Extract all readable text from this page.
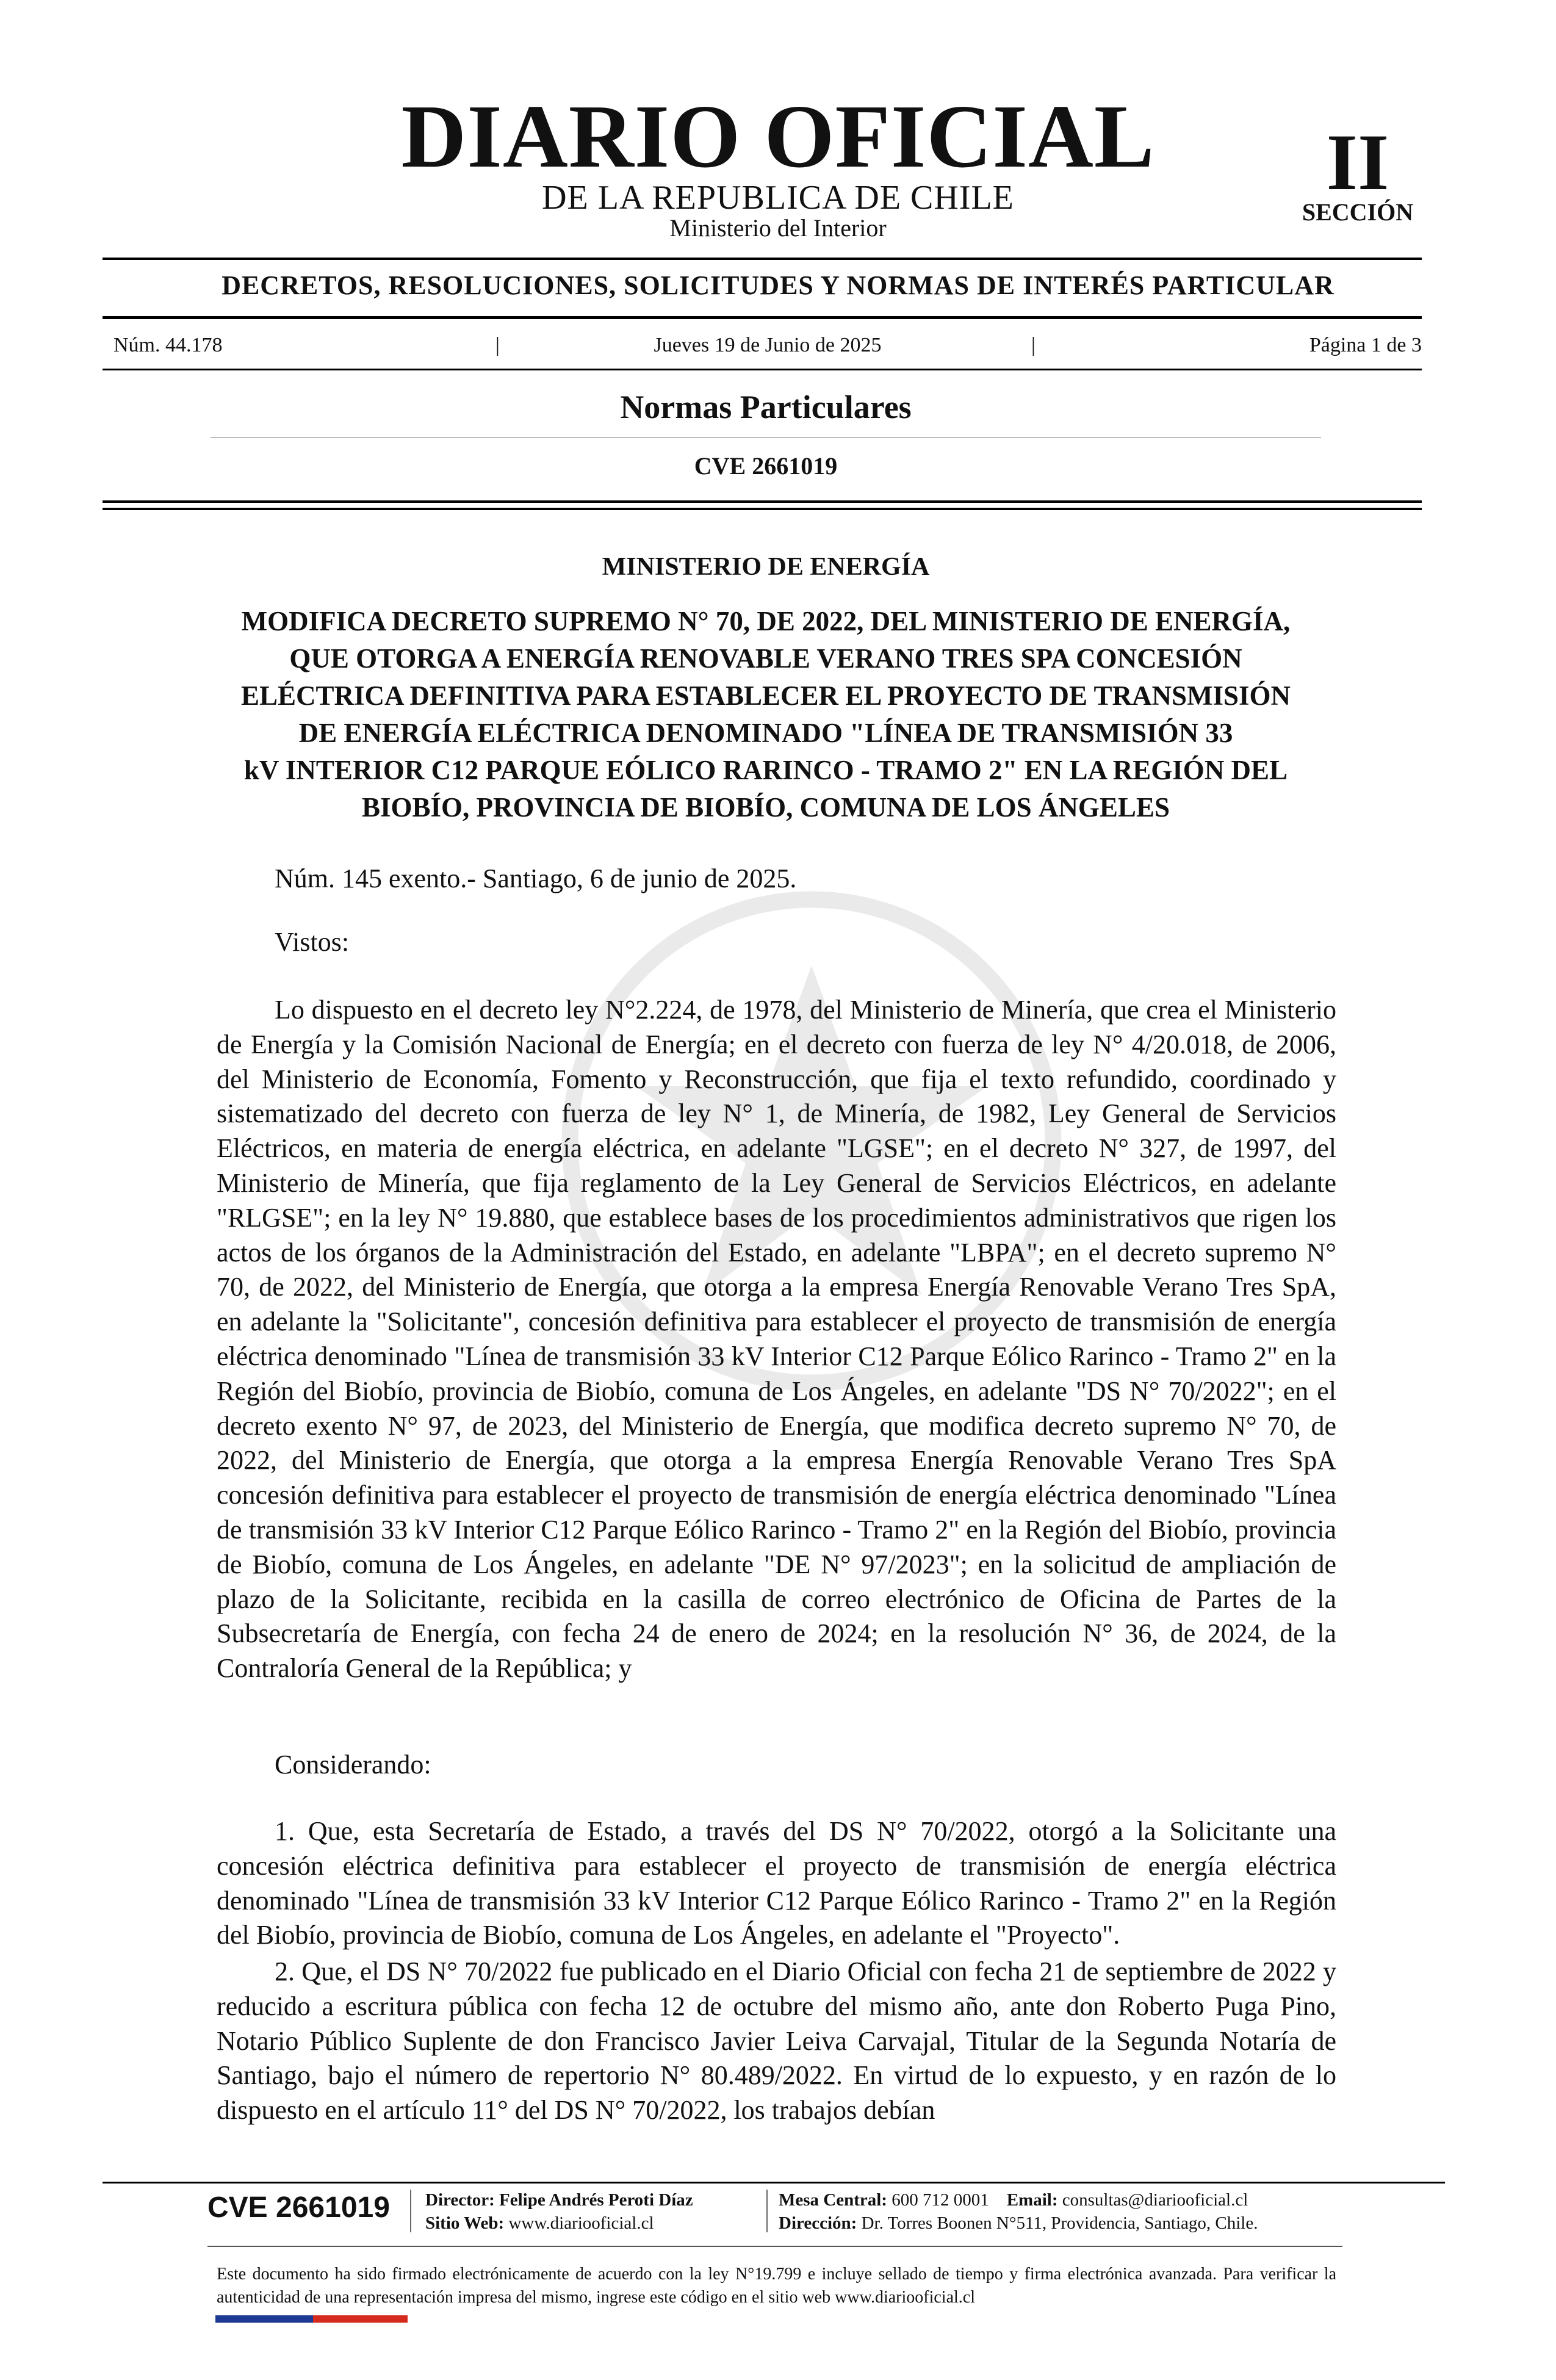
DIARIO OFICIAL
DE LA REPUBLICA DE CHILE
Ministerio del Interior
II
SECCIÓN
DECRETOS, RESOLUCIONES, SOLICITUDES Y NORMAS DE INTERÉS PARTICULAR
Núm. 44.178	|	Jueves 19 de Junio de 2025	|	Página 1 de 3
Normas Particulares
CVE 2661019
MINISTERIO DE ENERGÍA
MODIFICA DECRETO SUPREMO N° 70, DE 2022, DEL MINISTERIO DE ENERGÍA,
QUE OTORGA A ENERGÍA RENOVABLE VERANO TRES SPA CONCESIÓN
ELÉCTRICA DEFINITIVA PARA ESTABLECER EL PROYECTO DE TRANSMISIÓN
DE ENERGÍA ELÉCTRICA DENOMINADO "LÍNEA DE TRANSMISIÓN 33
kV INTERIOR C12 PARQUE EÓLICO RARINCO - TRAMO 2" EN LA REGIÓN DEL
BIOBÍO, PROVINCIA DE BIOBÍO, COMUNA DE LOS ÁNGELES
Núm. 145 exento.- Santiago, 6 de junio de 2025.
Vistos:
Lo dispuesto en el decreto ley N°2.224, de 1978, del Ministerio de Minería, que crea el Ministerio de Energía y la Comisión Nacional de Energía; en el decreto con fuerza de ley N° 4/20.018, de 2006, del Ministerio de Economía, Fomento y Reconstrucción, que fija el texto refundido, coordinado y sistematizado del decreto con fuerza de ley N° 1, de Minería, de 1982, Ley General de Servicios Eléctricos, en materia de energía eléctrica, en adelante "LGSE"; en el decreto N° 327, de 1997, del Ministerio de Minería, que fija reglamento de la Ley General de Servicios Eléctricos, en adelante "RLGSE"; en la ley N° 19.880, que establece bases de los procedimientos administrativos que rigen los actos de los órganos de la Administración del Estado, en adelante "LBPA"; en el decreto supremo N° 70, de 2022, del Ministerio de Energía, que otorga a la empresa Energía Renovable Verano Tres SpA, en adelante la "Solicitante", concesión definitiva para establecer el proyecto de transmisión de energía eléctrica denominado "Línea de transmisión 33 kV Interior C12 Parque Eólico Rarinco - Tramo 2" en la Región del Biobío, provincia de Biobío, comuna de Los Ángeles, en adelante "DS N° 70/2022"; en el decreto exento N° 97, de 2023, del Ministerio de Energía, que modifica decreto supremo N° 70, de 2022, del Ministerio de Energía, que otorga a la empresa Energía Renovable Verano Tres SpA concesión definitiva para establecer el proyecto de transmisión de energía eléctrica denominado "Línea de transmisión 33 kV Interior C12 Parque Eólico Rarinco - Tramo 2" en la Región del Biobío, provincia de Biobío, comuna de Los Ángeles, en adelante "DE N° 97/2023"; en la solicitud de ampliación de plazo de la Solicitante, recibida en la casilla de correo electrónico de Oficina de Partes de la Subsecretaría de Energía, con fecha 24 de enero de 2024; en la resolución N° 36, de 2024, de la Contraloría General de la República; y
Considerando:
1. Que, esta Secretaría de Estado, a través del DS N° 70/2022, otorgó a la Solicitante una concesión eléctrica definitiva para establecer el proyecto de transmisión de energía eléctrica denominado "Línea de transmisión 33 kV Interior C12 Parque Eólico Rarinco - Tramo 2" en la Región del Biobío, provincia de Biobío, comuna de Los Ángeles, en adelante el "Proyecto".
2. Que, el DS N° 70/2022 fue publicado en el Diario Oficial con fecha 21 de septiembre de 2022 y reducido a escritura pública con fecha 12 de octubre del mismo año, ante don Roberto Puga Pino, Notario Público Suplente de don Francisco Javier Leiva Carvajal, Titular de la Segunda Notaría de Santiago, bajo el número de repertorio N° 80.489/2022. En virtud de lo expuesto, y en razón de lo dispuesto en el artículo 11° del DS N° 70/2022, los trabajos debían
CVE 2661019 Director: Felipe Andrés Peroti Díaz
Sitio Web: www.diariooficial.cl
Mesa Central: 600 712 0001 Email: consultas@diariooficial.cl
Dirección: Dr. Torres Boonen N°511, Providencia, Santiago, Chile.
Este documento ha sido firmado electrónicamente de acuerdo con la ley N°19.799 e incluye sellado de tiempo y firma electrónica avanzada. Para verificar la autenticidad de una representación impresa del mismo, ingrese este código en el sitio web www.diariooficial.cl
